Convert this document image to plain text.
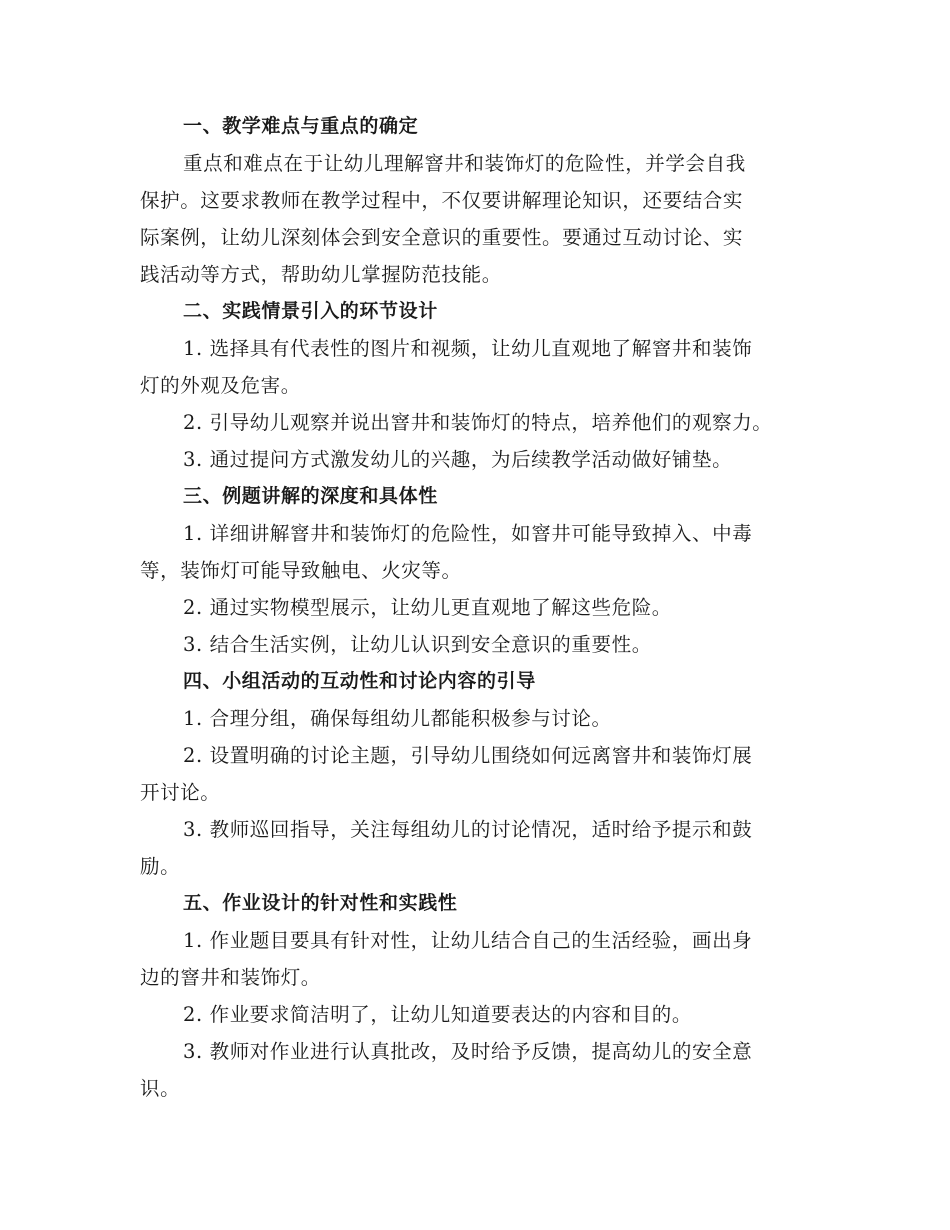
一、教学难点与重点的确定
重点和难点在于让幼儿理解窨井和装饰灯的危险性，并学会自我
保护。这要求教师在教学过程中，不仅要讲解理论知识，还要结合实
际案例，让幼儿深刻体会到安全意识的重要性。要通过互动讨论、实
践活动等方式，帮助幼儿掌握防范技能。
二、实践情景引入的环节设计
1. 选择具有代表性的图片和视频，让幼儿直观地了解窨井和装饰
灯的外观及危害。
2. 引导幼儿观察并说出窨井和装饰灯的特点，培养他们的观察力。
3. 通过提问方式激发幼儿的兴趣，为后续教学活动做好铺垫。
三、例题讲解的深度和具体性
1. 详细讲解窨井和装饰灯的危险性，如窨井可能导致掉入、中毒
等，装饰灯可能导致触电、火灾等。
2. 通过实物模型展示，让幼儿更直观地了解这些危险。
3. 结合生活实例，让幼儿认识到安全意识的重要性。
四、小组活动的互动性和讨论内容的引导
1. 合理分组，确保每组幼儿都能积极参与讨论。
2. 设置明确的讨论主题，引导幼儿围绕如何远离窨井和装饰灯展
开讨论。
3. 教师巡回指导，关注每组幼儿的讨论情况，适时给予提示和鼓
励。
五、作业设计的针对性和实践性
1. 作业题目要具有针对性，让幼儿结合自己的生活经验，画出身
边的窨井和装饰灯。
2. 作业要求简洁明了，让幼儿知道要表达的内容和目的。
3. 教师对作业进行认真批改，及时给予反馈，提高幼儿的安全意
识。
